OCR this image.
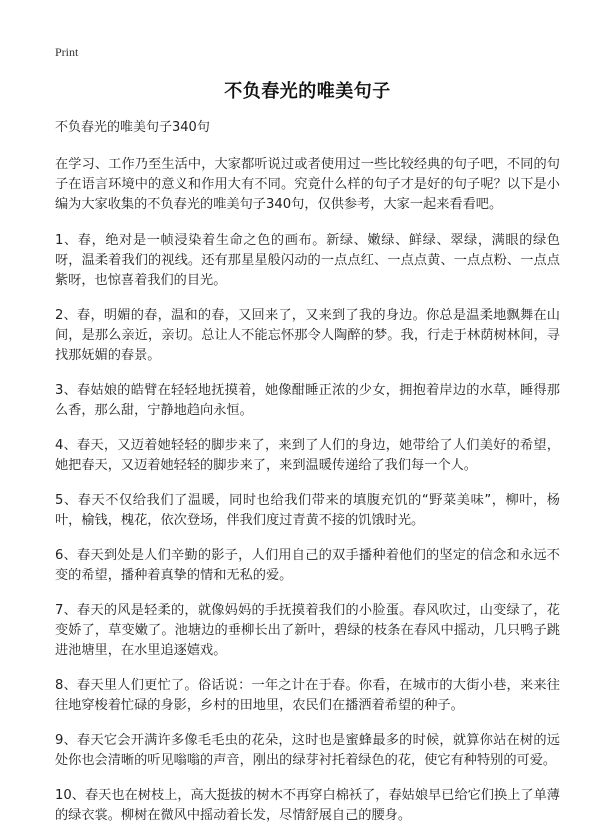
Print
不负春光的唯美句子
不负春光的唯美句子340句

在学习、工作乃至生活中，大家都听说过或者使用过一些比较经典的句子吧，不同的句子在语言环境中的意义和作用大有不同。究竟什么样的句子才是好的句子呢？以下是小编为大家收集的不负春光的唯美句子340句，仅供参考，大家一起来看看吧。

1、春，绝对是一帧浸染着生命之色的画布。新绿、嫩绿、鲜绿、翠绿，满眼的绿色呀，温柔着我们的视线。还有那星星般闪动的一点点红、一点点黄、一点点粉、一点点紫呀，也惊喜着我们的目光。

2、春，明媚的春，温和的春，又回来了，又来到了我的身边。你总是温柔地飘舞在山间，是那么亲近，亲切。总让人不能忘怀那令人陶醉的梦。我，行走于林荫树林间，寻找那妩媚的春景。

3、春姑娘的皓臂在轻轻地抚摸着，她像酣睡正浓的少女，拥抱着岸边的水草，睡得那么香，那么甜，宁静地趋向永恒。

4、春天，又迈着她轻轻的脚步来了，来到了人们的身边，她带给了人们美好的希望，她把春天，又迈着她轻轻的脚步来了，来到温暖传递给了我们每一个人。

5、春天不仅给我们了温暖，同时也给我们带来的填腹充饥的“野菜美味”，柳叶，杨叶，榆钱，槐花，依次登场，伴我们度过青黄不接的饥饿时光。

6、春天到处是人们辛勤的影子，人们用自己的双手播种着他们的坚定的信念和永远不变的希望，播种着真挚的情和无私的爱。

7、春天的风是轻柔的，就像妈妈的手抚摸着我们的小脸蛋。春风吹过，山变绿了，花变娇了，草变嫩了。池塘边的垂柳长出了新叶，碧绿的枝条在春风中摇动，几只鸭子跳进池塘里，在水里追逐嬉戏。

8、春天里人们更忙了。俗话说：一年之计在于春。你看，在城市的大街小巷，来来往往地穿梭着忙碌的身影，乡村的田地里，农民们在播洒着希望的种子。

9、春天它会开满许多像毛毛虫的花朵，这时也是蜜蜂最多的时候，就算你站在树的远处你也会清晰的听见嗡嗡的声音，刚出的绿芽衬托着绿色的花，使它有种特别的可爱。

10、春天也在树枝上，高大挺拔的树木不再穿白棉袄了，春姑娘早已给它们换上了单薄的绿衣裳。柳树在微风中摇动着长发，尽情舒展自己的腰身。
